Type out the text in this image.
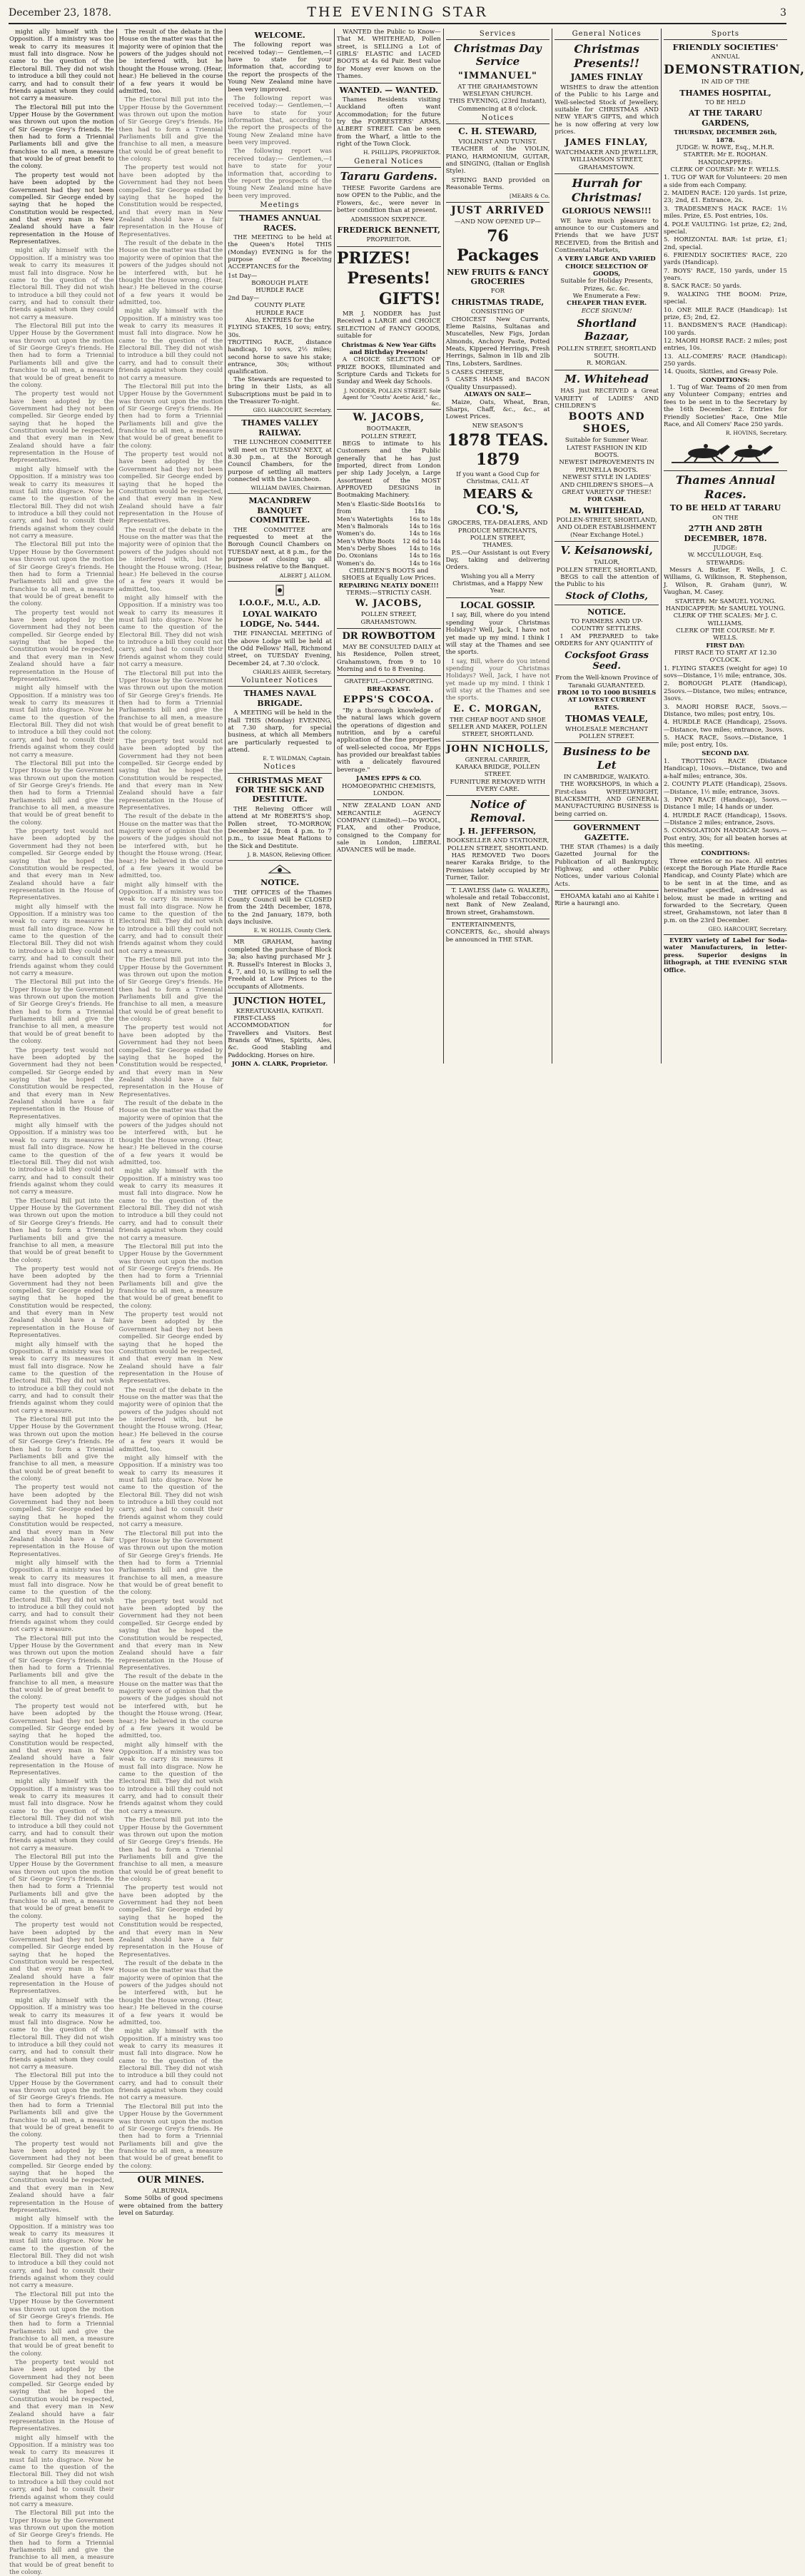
December 23, 1878.	THE EVENING STAR	3

might ally himself with the Opposition. If a ministry was too weak to carry its measures it must fall into disgrace. Now he came to the question of the Electoral Bill. They did not wish to introduce a bill they could not carry, and had to consult their friends against whom they could not carry a measure.

The Electoral Bill put into the Upper House by the Government was thrown out upon the motion of Sir George Grey's friends. He then had to form a Triennial Parliaments bill and give the franchise to all men, a measure that would be of great benefit to the colony.

The property test would not have been adopted by the Government had they not been compelled. Sir George ended by saying that he hoped the Constitution would be respected, and that every man in New Zealand should have a fair representation in the House of Representatives.

might ally himself with the Opposition. If a ministry was too weak to carry its measures it must fall into disgrace. Now he came to the question of the Electoral Bill. They did not wish to introduce a bill they could not carry, and had to consult their friends against whom they could not carry a measure.

The Electoral Bill put into the Upper House by the Government was thrown out upon the motion of Sir George Grey's friends. He then had to form a Triennial Parliaments bill and give the franchise to all men, a measure that would be of great benefit to the colony.

The property test would not have been adopted by the Government had they not been compelled. Sir George ended by saying that he hoped the Constitution would be respected, and that every man in New Zealand should have a fair representation in the House of Representatives.

might ally himself with the Opposition. If a ministry was too weak to carry its measures it must fall into disgrace. Now he came to the question of the Electoral Bill. They did not wish to introduce a bill they could not carry, and had to consult their friends against whom they could not carry a measure.

The Electoral Bill put into the Upper House by the Government was thrown out upon the motion of Sir George Grey's friends. He then had to form a Triennial Parliaments bill and give the franchise to all men, a measure that would be of great benefit to the colony.

The property test would not have been adopted by the Government had they not been compelled. Sir George ended by saying that he hoped the Constitution would be respected, and that every man in New Zealand should have a fair representation in the House of Representatives.

might ally himself with the Opposition. If a ministry was too weak to carry its measures it must fall into disgrace. Now he came to the question of the Electoral Bill. They did not wish to introduce a bill they could not carry, and had to consult their friends against whom they could not carry a measure.

The Electoral Bill put into the Upper House by the Government was thrown out upon the motion of Sir George Grey's friends. He then had to form a Triennial Parliaments bill and give the franchise to all men, a measure that would be of great benefit to the colony.

The property test would not have been adopted by the Government had they not been compelled. Sir George ended by saying that he hoped the Constitution would be respected, and that every man in New Zealand should have a fair representation in the House of Representatives.

might ally himself with the Opposition. If a ministry was too weak to carry its measures it must fall into disgrace. Now he came to the question of the Electoral Bill. They did not wish to introduce a bill they could not carry, and had to consult their friends against whom they could not carry a measure.

The Electoral Bill put into the Upper House by the Government was thrown out upon the motion of Sir George Grey's friends. He then had to form a Triennial Parliaments bill and give the franchise to all men, a measure that would be of great benefit to the colony.

The property test would not have been adopted by the Government had they not been compelled. Sir George ended by saying that he hoped the Constitution would be respected, and that every man in New Zealand should have a fair representation in the House of Representatives.

might ally himself with the Opposition. If a ministry was too weak to carry its measures it must fall into disgrace. Now he came to the question of the Electoral Bill. They did not wish to introduce a bill they could not carry, and had to consult their friends against whom they could not carry a measure.

The Electoral Bill put into the Upper House by the Government was thrown out upon the motion of Sir George Grey's friends. He then had to form a Triennial Parliaments bill and give the franchise to all men, a measure that would be of great benefit to the colony.

The property test would not have been adopted by the Government had they not been compelled. Sir George ended by saying that he hoped the Constitution would be respected, and that every man in New Zealand should have a fair representation in the House of Representatives.

might ally himself with the Opposition. If a ministry was too weak to carry its measures it must fall into disgrace. Now he came to the question of the Electoral Bill. They did not wish to introduce a bill they could not carry, and had to consult their friends against whom they could not carry a measure.

The Electoral Bill put into the Upper House by the Government was thrown out upon the motion of Sir George Grey's friends. He then had to form a Triennial Parliaments bill and give the franchise to all men, a measure that would be of great benefit to the colony.

The property test would not have been adopted by the Government had they not been compelled. Sir George ended by saying that he hoped the Constitution would be respected, and that every man in New Zealand should have a fair representation in the House of Representatives.

might ally himself with the Opposition. If a ministry was too weak to carry its measures it must fall into disgrace. Now he came to the question of the Electoral Bill. They did not wish to introduce a bill they could not carry, and had to consult their friends against whom they could not carry a measure.

The Electoral Bill put into the Upper House by the Government was thrown out upon the motion of Sir George Grey's friends. He then had to form a Triennial Parliaments bill and give the franchise to all men, a measure that would be of great benefit to the colony.

The property test would not have been adopted by the Government had they not been compelled. Sir George ended by saying that he hoped the Constitution would be respected, and that every man in New Zealand should have a fair representation in the House of Representatives.

might ally himself with the Opposition. If a ministry was too weak to carry its measures it must fall into disgrace. Now he came to the question of the Electoral Bill. They did not wish to introduce a bill they could not carry, and had to consult their friends against whom they could not carry a measure.

The Electoral Bill put into the Upper House by the Government was thrown out upon the motion of Sir George Grey's friends. He then had to form a Triennial Parliaments bill and give the franchise to all men, a measure that would be of great benefit to the colony.

The property test would not have been adopted by the Government had they not been compelled. Sir George ended by saying that he hoped the Constitution would be respected, and that every man in New Zealand should have a fair representation in the House of Representatives.

might ally himself with the Opposition. If a ministry was too weak to carry its measures it must fall into disgrace. Now he came to the question of the Electoral Bill. They did not wish to introduce a bill they could not carry, and had to consult their friends against whom they could not carry a measure.

The Electoral Bill put into the Upper House by the Government was thrown out upon the motion of Sir George Grey's friends. He then had to form a Triennial Parliaments bill and give the franchise to all men, a measure that would be of great benefit to the colony.

The property test would not have been adopted by the Government had they not been compelled. Sir George ended by saying that he hoped the Constitution would be respected, and that every man in New Zealand should have a fair representation in the House of Representatives.

might ally himself with the Opposition. If a ministry was too weak to carry its measures it must fall into disgrace. Now he came to the question of the Electoral Bill. They did not wish to introduce a bill they could not carry, and had to consult their friends against whom they could not carry a measure.

The Electoral Bill put into the Upper House by the Government was thrown out upon the motion of Sir George Grey's friends. He then had to form a Triennial Parliaments bill and give the franchise to all men, a measure that would be of great benefit to the colony.

The property test would not have been adopted by the Government had they not been compelled. Sir George ended by saying that he hoped the Constitution would be respected, and that every man in New Zealand should have a fair representation in the House of Representatives.

might ally himself with the Opposition. If a ministry was too weak to carry its measures it must fall into disgrace. Now he came to the question of the Electoral Bill. They did not wish to introduce a bill they could not carry, and had to consult their friends against whom they could not carry a measure.

The Electoral Bill put into the Upper House by the Government was thrown out upon the motion of Sir George Grey's friends. He then had to form a Triennial Parliaments bill and give the franchise to all men, a measure that would be of great benefit to the colony.

The result of the debate in the House on the matter was that the majority were of opinion that the powers of the judges should not be interfered with, but he thought the House wrong. (Hear, hear.) He believed in the course of a few years it would be admitted, too.

The Electoral Bill put into the Upper House by the Government was thrown out upon the motion of Sir George Grey's friends. He then had to form a Triennial Parliaments bill and give the franchise to all men, a measure that would be of great benefit to the colony.

The property test would not have been adopted by the Government had they not been compelled. Sir George ended by saying that he hoped the Constitution would be respected, and that every man in New Zealand should have a fair representation in the House of Representatives.

The result of the debate in the House on the matter was that the majority were of opinion that the powers of the judges should not be interfered with, but he thought the House wrong. (Hear, hear.) He believed in the course of a few years it would be admitted, too.

might ally himself with the Opposition. If a ministry was too weak to carry its measures it must fall into disgrace. Now he came to the question of the Electoral Bill. They did not wish to introduce a bill they could not carry, and had to consult their friends against whom they could not carry a measure.

The Electoral Bill put into the Upper House by the Government was thrown out upon the motion of Sir George Grey's friends. He then had to form a Triennial Parliaments bill and give the franchise to all men, a measure that would be of great benefit to the colony.

The property test would not have been adopted by the Government had they not been compelled. Sir George ended by saying that he hoped the Constitution would be respected, and that every man in New Zealand should have a fair representation in the House of Representatives.

The result of the debate in the House on the matter was that the majority were of opinion that the powers of the judges should not be interfered with, but he thought the House wrong. (Hear, hear.) He believed in the course of a few years it would be admitted, too.

might ally himself with the Opposition. If a ministry was too weak to carry its measures it must fall into disgrace. Now he came to the question of the Electoral Bill. They did not wish to introduce a bill they could not carry, and had to consult their friends against whom they could not carry a measure.

The Electoral Bill put into the Upper House by the Government was thrown out upon the motion of Sir George Grey's friends. He then had to form a Triennial Parliaments bill and give the franchise to all men, a measure that would be of great benefit to the colony.

The property test would not have been adopted by the Government had they not been compelled. Sir George ended by saying that he hoped the Constitution would be respected, and that every man in New Zealand should have a fair representation in the House of Representatives.

The result of the debate in the House on the matter was that the majority were of opinion that the powers of the judges should not be interfered with, but he thought the House wrong. (Hear, hear.) He believed in the course of a few years it would be admitted, too.

might ally himself with the Opposition. If a ministry was too weak to carry its measures it must fall into disgrace. Now he came to the question of the Electoral Bill. They did not wish to introduce a bill they could not carry, and had to consult their friends against whom they could not carry a measure.

The Electoral Bill put into the Upper House by the Government was thrown out upon the motion of Sir George Grey's friends. He then had to form a Triennial Parliaments bill and give the franchise to all men, a measure that would be of great benefit to the colony.

The property test would not have been adopted by the Government had they not been compelled. Sir George ended by saying that he hoped the Constitution would be respected, and that every man in New Zealand should have a fair representation in the House of Representatives.

The result of the debate in the House on the matter was that the majority were of opinion that the powers of the judges should not be interfered with, but he thought the House wrong. (Hear, hear.) He believed in the course of a few years it would be admitted, too.

might ally himself with the Opposition. If a ministry was too weak to carry its measures it must fall into disgrace. Now he came to the question of the Electoral Bill. They did not wish to introduce a bill they could not carry, and had to consult their friends against whom they could not carry a measure.

The Electoral Bill put into the Upper House by the Government was thrown out upon the motion of Sir George Grey's friends. He then had to form a Triennial Parliaments bill and give the franchise to all men, a measure that would be of great benefit to the colony.

The property test would not have been adopted by the Government had they not been compelled. Sir George ended by saying that he hoped the Constitution would be respected, and that every man in New Zealand should have a fair representation in the House of Representatives.

The result of the debate in the House on the matter was that the majority were of opinion that the powers of the judges should not be interfered with, but he thought the House wrong. (Hear, hear.) He believed in the course of a few years it would be admitted, too.

might ally himself with the Opposition. If a ministry was too weak to carry its measures it must fall into disgrace. Now he came to the question of the Electoral Bill. They did not wish to introduce a bill they could not carry, and had to consult their friends against whom they could not carry a measure.

The Electoral Bill put into the Upper House by the Government was thrown out upon the motion of Sir George Grey's friends. He then had to form a Triennial Parliaments bill and give the franchise to all men, a measure that would be of great benefit to the colony.

The property test would not have been adopted by the Government had they not been compelled. Sir George ended by saying that he hoped the Constitution would be respected, and that every man in New Zealand should have a fair representation in the House of Representatives.

The result of the debate in the House on the matter was that the majority were of opinion that the powers of the judges should not be interfered with, but he thought the House wrong. (Hear, hear.) He believed in the course of a few years it would be admitted, too.

might ally himself with the Opposition. If a ministry was too weak to carry its measures it must fall into disgrace. Now he came to the question of the Electoral Bill. They did not wish to introduce a bill they could not carry, and had to consult their friends against whom they could not carry a measure.

The Electoral Bill put into the Upper House by the Government was thrown out upon the motion of Sir George Grey's friends. He then had to form a Triennial Parliaments bill and give the franchise to all men, a measure that would be of great benefit to the colony.

The property test would not have been adopted by the Government had they not been compelled. Sir George ended by saying that he hoped the Constitution would be respected, and that every man in New Zealand should have a fair representation in the House of Representatives.

The result of the debate in the House on the matter was that the majority were of opinion that the powers of the judges should not be interfered with, but he thought the House wrong. (Hear, hear.) He believed in the course of a few years it would be admitted, too.

might ally himself with the Opposition. If a ministry was too weak to carry its measures it must fall into disgrace. Now he came to the question of the Electoral Bill. They did not wish to introduce a bill they could not carry, and had to consult their friends against whom they could not carry a measure.

The Electoral Bill put into the Upper House by the Government was thrown out upon the motion of Sir George Grey's friends. He then had to form a Triennial Parliaments bill and give the franchise to all men, a measure that would be of great benefit to the colony.

OUR MINES.
ALBURNIA.

Some 50lbs of good specimens were obtained from the battery level on Saturday.

WELCOME.

The following report was received today:— Gentlemen,—I have to state for your information that, according to the report the prospects of the Young New Zealand mine have been very improved.

The following report was received today:— Gentlemen,—I have to state for your information that, according to the report the prospects of the Young New Zealand mine have been very improved.

The following report was received today:— Gentlemen,—I have to state for your information that, according to the report the prospects of the Young New Zealand mine have been very improved.

Meetings
THAMES ANNUAL RACES.

THE MEETING to be held at the Queen's Hotel THIS (Monday) EVENING is for the purpose of Receiving ACCEPTANCES for the

1st Day—
BOROUGH PLATE
HURDLE RACE
2nd Day—
COUNTY PLATE
HURDLE RACE
Also, ENTRIES for the
FLYING STAKES, 10 sovs; entry, 30s.
TROTTING RACE, distance handicap, 10 sovs, 2½ miles; second horse to save his stake; entrance, 30s; without qualification.

The Stewards are requested to bring in their Lists, as all Subscriptions must be paid in to the Treasurer To-night.

GEO. HARCOURT, Secretary.
THAMES VALLEY RAILWAY.

THE LUNCHEON COMMITTEE will meet on TUESDAY NEXT, at 8.30 p.m., at the Borough Council Chambers, for the purpose of settling all matters connected with the Luncheon.

WILLIAM DAVIES, Chairman.
MACANDREW BANQUET COMMITTEE.

THE COMMITTEE are requested to meet at the Borough Council Chambers on TUESDAY next, at 8 p.m., for the purpose of closing up all business relative to the Banquet.

ALBERT J. ALLOM.
I.O.O.F., M.U., A.D.
LOYAL WAIKATO LODGE, No. 5444.

THE FINANCIAL MEETING of the above Lodge will be held at the Odd Fellows' Hall, Richmond street, on TUESDAY Evening, December 24, at 7.30 o'clock.

CHARLES AHIER, Secretary.
Volunteer Notices
THAMES NAVAL BRIGADE.

A MEETING will be held in the Hall THIS (Monday) EVENING, at 7.30 sharp, for special business, at which all Members are particularly requested to attend.

E. T. WILDMAN, Captain.
Notices
CHRISTMAS MEAT FOR THE SICK AND DESTITUTE.

THE Relieving Officer will attend at Mr ROBERTS'S shop, Pollen street, TO-MORROW, December 24, from 4 p.m. to 7 p.m., to issue Meat Rations to the Sick and Destitute.

J. B. MASON, Relieving Officer.
NOTICE.

THE OFFICES of the Thames County Council will be CLOSED from the 24th December, 1878, to the 2nd January, 1879, both days inclusive.

E. W. HOLLIS, County Clerk.

MR GRAHAM, having completed the purchase of Block 3a; also having purchased Mr J. R. Russell's Interest in Blocks 3, 4, 7, and 10, is willing to sell the Freehold at Low Prices to the occupants of Allotments.

JUNCTION HOTEL,
KEREATUKAHIA, KATIKATI.

FIRST-CLASS ACCOMMODATION for Travellers and Visitors. Best Brands of Wines, Spirits, Ales, &c. Good Stabling and Paddocking. Horses on hire.

JOHN A. CLARK, Proprietor.

WANTED the Public to Know—That M. WHITEHEAD, Pollen street, is SELLING a Lot of GIRLS' ELASTIC and LACED BOOTS at 4s 6d Pair. Best value for Money ever known on the Thames.

WANTED. — WANTED.

Thames Residents visiting Auckland often want Accommodation; for the future try the FORRESTERS' ARMS, ALBERT STREET. Can be seen from the Wharf, a little to the right of the Town Clock.

H. PHILLIPS, PROPRIETOR.
General Notices
Tararu Gardens.

THESE Favorite Gardens are now OPEN to the Public, and the Flowers, &c., were never in better condition than at present.

ADMISSION SIXPENCE.
FREDERICK BENNETT,
PROPRIETOR.
PRIZES!
Presents!
GIFTS!

MR J. NODDER has Just Received a LARGE and CHOICE SELECTION of FANCY GOODS, suitable for

Christmas & New Year Gifts and Birthday Presents!

A CHOICE SELECTION OF PRIZE BOOKS, Illuminated and Scripture Cards and Tickets for Sunday and Week day Schools.

J. NODDER, POLLEN STREET. Sole Agent for "Coutts' Acetic Acid," &c., &c.
W. JACOBS,
BOOTMAKER,
POLLEN STREET,

BEGS to intimate to his Customers and the Public generally that he has just Imported, direct from London per ship Lady Jocelyn, a Large Assortment of the MOST APPROVED DESIGNS in Bootmaking Machinery.

Men's Elastic-Side Boots from
16s to 18s
Men's Watertights	16s to 18s
Men's Balmorals	14s to 16s
Women's do.	14s to 16s
Men's White Boots 12 6d to 14s
Men's Derby Shoes 14s to 16s
Do. Oxonians	14s to 16s
Women's do.	14s to 16s
CHILDREN'S BOOTS and SHOES at Equally Low Prices.
REPAIRING NEATLY DONE!!!
TERMS:—STRICTLY CASH.
W. JACOBS,
POLLEN STREET, GRAHAMSTOWN.
DR ROWBOTTOM

MAY BE CONSULTED DAILY at his Residence, Pollen street, Grahamstown, from 9 to 10 Morning and 6 to 8 Evening.

GRATEFUL—COMFORTING.
BREAKFAST.
EPPS'S COCOA.

"By a thorough knowledge of the natural laws which govern the operations of digestion and nutrition, and by a careful application of the fine properties of well-selected cocoa, Mr Epps has provided our breakfast tables with a delicately flavoured beverage."

JAMES EPPS & CO.
HOMOEOPATHIC CHEMISTS, LONDON.

NEW ZEALAND LOAN AND MERCANTILE AGENCY COMPANY (Limited).—Do WOOL, FLAX, and other Produce, consigned to the Company for sale in London, LIBERAL ADVANCES will be made.

Services
Christmas Day Service
"IMMANUEL"
AT THE GRAHAMSTOWN WESLEYAN CHURCH.
THIS EVENING, (23rd Instant), Commencing at 8 o'clock.
Notices
C. H. STEWARD,
VIOLINIST AND TUNIST.

TEACHER of the VIOLIN, PIANO, HARMONIUM, GUITAR, and SINGING, (Italian or English Style).

STRING BAND provided on Reasonable Terms.

[MEARS & Co.
JUST ARRIVED
—AND NOW OPENED UP—
76 Packages
NEW FRUITS & FANCY GROCERIES
FOR
CHRISTMAS TRADE,
CONSISTING OF

CHOICEST New Currants, Eleme Raisins, Sultanas and Muscatelles, New Figs, Jordan Almonds, Anchovy Paste, Potted Meats, Kippered Herrings, Fresh Herrings, Salmon in 1lb and 2lb Tins, Lobsters, Sardines.

5 CASES CHEESE,
5 CASES HAMS and BACON (Quality Unsurpassed).
ALWAYS ON SALE—

Maize, Oats, Wheat, Bran, Sharps, Chaff, &c., &c., at Lowest Prices.

NEW SEASON'S
1878 TEAS. 1879
If you want a Good Cup for Christmas, CALL AT
MEARS & CO.'S,
GROCERS, TEA-DEALERS, AND PRODUCE MERCHANTS, POLLEN STREET,
THAMES.

P.S.—Our Assistant is out Every Day, taking and delivering Orders.

Wishing you all a Merry Christmas, and a Happy New Year.
LOCAL GOSSIP.

I say, Bill, where do you intend spending your Christmas Holidays? Well, Jack, I have not yet made up my mind. I think I will stay at the Thames and see the sports.

I say, Bill, where do you intend spending your Christmas Holidays? Well, Jack, I have not yet made up my mind. I think I will stay at the Thames and see the sports.

E. C. MORGAN,
THE CHEAP BOOT AND SHOE SELLER AND MAKER, POLLEN STREET, SHORTLAND.
JOHN NICHOLLS,
GENERAL CARRIER,
KARAKA BRIDGE, POLLEN STREET.
FURNITURE REMOVED WITH EVERY CARE.
Notice of Removal.
J. H. JEFFERSON,
BOOKSELLER AND STATIONER,
POLLEN STREET, SHORTLAND.

HAS REMOVED Two Doors nearer Karaka Bridge, to the Premises lately occupied by Mr Turner, Tailor.

T. LAWLESS (late G. WALKER), wholesale and retail Tobacconist, next Bank of New Zealand, Brown street, Grahamstown.

ENTERTAINMENTS, CONCERTS, &c., should always be announced in THE STAR.

General Notices
Christmas Presents!!
JAMES FINLAY

WISHES to draw the attention of the Public to his Large and Well-selected Stock of Jewellery, suitable for CHRISTMAS AND NEW YEAR'S GIFTS, and which he is now offering at very low prices.

JAMES FINLAY,
WATCHMAKER AND JEWELLER,
WILLIAMSON STREET, GRAHAMSTOWN.
Hurrah for Christmas!
GLORIOUS NEWS!!!

WE have much pleasure to announce to our Customers and Friends that we have JUST RECEIVED, from the British and Continental Markets,

A VERY LARGE AND VARIED CHOICE SELECTION OF GOODS,
Suitable for Holiday Presents, Prizes, &c. &c.
We Enumerate a Few:
CHEAPER THAN EVER.
ECCE SIGNUM!
Shortland Bazaar,
POLLEN STREET, SHORTLAND SOUTH.
R. MORGAN.
M. Whitehead

HAS just RECEIVED a Great VARIETY of LADIES' AND CHILDREN'S

BOOTS AND SHOES,
Suitable for Summer Wear.
LATEST FASHION IN KID BOOTS.
NEWEST IMPROVEMENTS IN PRUNELLA BOOTS.
NEWEST STYLE IN LADIES' AND CHILDREN'S SHOES—A GREAT VARIETY OF THESE!
FOR CASH.
M. WHITEHEAD,
POLLEN-STREET, SHORTLAND, AND OLDER ESTABLISHMENT (Near Exchange Hotel.)
V. Keisanowski,
TAILOR,
POLLEN STREET, SHORTLAND,

BEGS to call the attention of the Public to his

Stock of Cloths,
NOTICE.
TO FARMERS AND UP-COUNTRY SETTLERS.

I AM PREPARED to take ORDERS for ANY QUANTITY of

Cocksfoot Grass Seed.
From the Well-known Province of Taranaki GUARANTEED.
FROM 10 TO 1000 BUSHELS AT LOWEST CURRENT RATES.
THOMAS VEALE,
WHOLESALE MERCHANT
POLLEN STREET.
Business to be Let
IN CAMBRIDGE, WAIKATO.

THE WORKSHOPS, in which a First-class WHEELWRIGHT, BLACKSMITH, AND GENERAL MANUFACTURING BUSINESS is being carried on.

GOVERNMENT GAZETTE.

THE STAR (Thames) is a daily Gazetted Journal for the Publication of all Bankruptcy, Highway, and other Public Notices, under various Colonial Acts.

EHOAMA katahi ano ai Kahite i Ririe a haurangi ano.

Sports
FRIENDLY SOCIETIES'
ANNUAL
DEMONSTRATION,
IN AID OF THE
THAMES HOSPITAL,
TO BE HELD
AT THE TARARU GARDENS,
THURSDAY, DECEMBER 26th, 1878.
JUDGE: W. ROWE, Esq., M.H.R.
STARTER: Mr E. ROOHAN.
HANDICAPPERS:
CLERK OF COURSE: Mr F. WELLS.
1. TUG OF WAR for Volunteers: 20 men a side from each Company.
2. MAIDEN RACE: 120 yards. 1st prize, 23; 2nd, £1. Entrance, 2s.
3. TRADESMEN'S HACK RACE: 1½ miles. Prize, £5. Post entries, 10s.
4. POLE VAULTING: 1st prize, £2; 2nd, special.
5. HORIZONTAL BAR: 1st prize, £1; 2nd, special.
6. FRIENDLY SOCIETIES' RACE, 220 yards (Handicap).
7. BOYS' RACE, 150 yards, under 15 years.
8. SACK RACE: 50 yards.
9. WALKING THE BOOM: Prize, special.
10. ONE MILE RACE (Handicap): 1st prize, £5; 2nd, £2.
11. BANDSMEN'S RACE (Handicap): 100 yards.
12. MAORI HORSE RACE: 2 miles; post entries, 10s.
13. ALL-COMERS' RACE (Handicap): 250 yards.
14. Quoits, Skittles, and Greasy Pole.
CONDITIONS:

1. Tug of War. Teams of 20 men from any Volunteer Company; entries and fees to be sent in to the Secretary by the 16th December. 2. Entries for Friendly Societies' Race, One Mile Race, and All Comers' Race 250 yards.

R. HOVINS, Secretary.
Thames Annual Races.
TO BE HELD AT TARARU
ON THE
27TH AND 28TH DECEMBER, 1878.
JUDGE:
W. MCCULLOUGH, Esq.
STEWARDS:

Messrs A. Butler, F. Wells, J. C. Williams, G. Wilkinson, R. Stephenson, J. Wilson, R. Graham (junr), W. Vaughan, M. Casey.

STARTER: Mr SAMUEL YOUNG.
HANDICAPPER: Mr SAMUEL YOUNG.
CLERK OF THE SCALES: Mr J. C. WILLIAMS.
CLERK OF THE COURSE: Mr F. WELLS.
FIRST DAY:
FIRST RACE TO START AT 12.30 O'CLOCK.
1. FLYING STAKES (weight for age) 10 sovs—Distance, 1½ mile; entrance, 30s.
2. BOROUGH PLATE (Handicap), 25sovs.—Distance, two miles; entrance, 3sovs.
3. MAORI HORSE RACE, 5sovs.—Distance, two miles; post entry, 10s.
4. HURDLE RACE (Handicap), 25sovs.—Distance, two miles; entrance, 3sovs.
5. HACK RACE, 5sovs.—Distance, 1 mile; post entry, 10s.
SECOND DAY.
1. TROTTING RACE (Distance Handicap), 10sovs.—Distance, two and a-half miles; entrance, 30s.
2. COUNTY PLATE (Handicap), 25sovs.—Distance, 1½ mile; entrance, 3sovs.
3. PONY RACE (Handicap), 5sovs.—Distance 1 mile; 14 hands or under.
4. HURDLE RACE (Handicap), 15sovs.—Distance 2 miles; entrance, 2sovs.
5. CONSOLATION HANDICAP, 5sovs.—Post entry, 30s; for all beaten horses at this meeting.
CONDITIONS:

Three entries or no race. All entries (except the Borough Plate Hurdle Race Handicap, and County Plate) which are to be sent in at the time, and as hereinafter specified, addressed as below, must be made in writing and forwarded to the Secretary, Queen street, Grahamstown, not later than 8 p.m. on the 23rd December.

GEO. HARCOURT, Secretary.

EVERY variety of Label for Soda-water Manufacturers, in letter-press. Superior designs in lithograph, at THE EVENING STAR Office.
